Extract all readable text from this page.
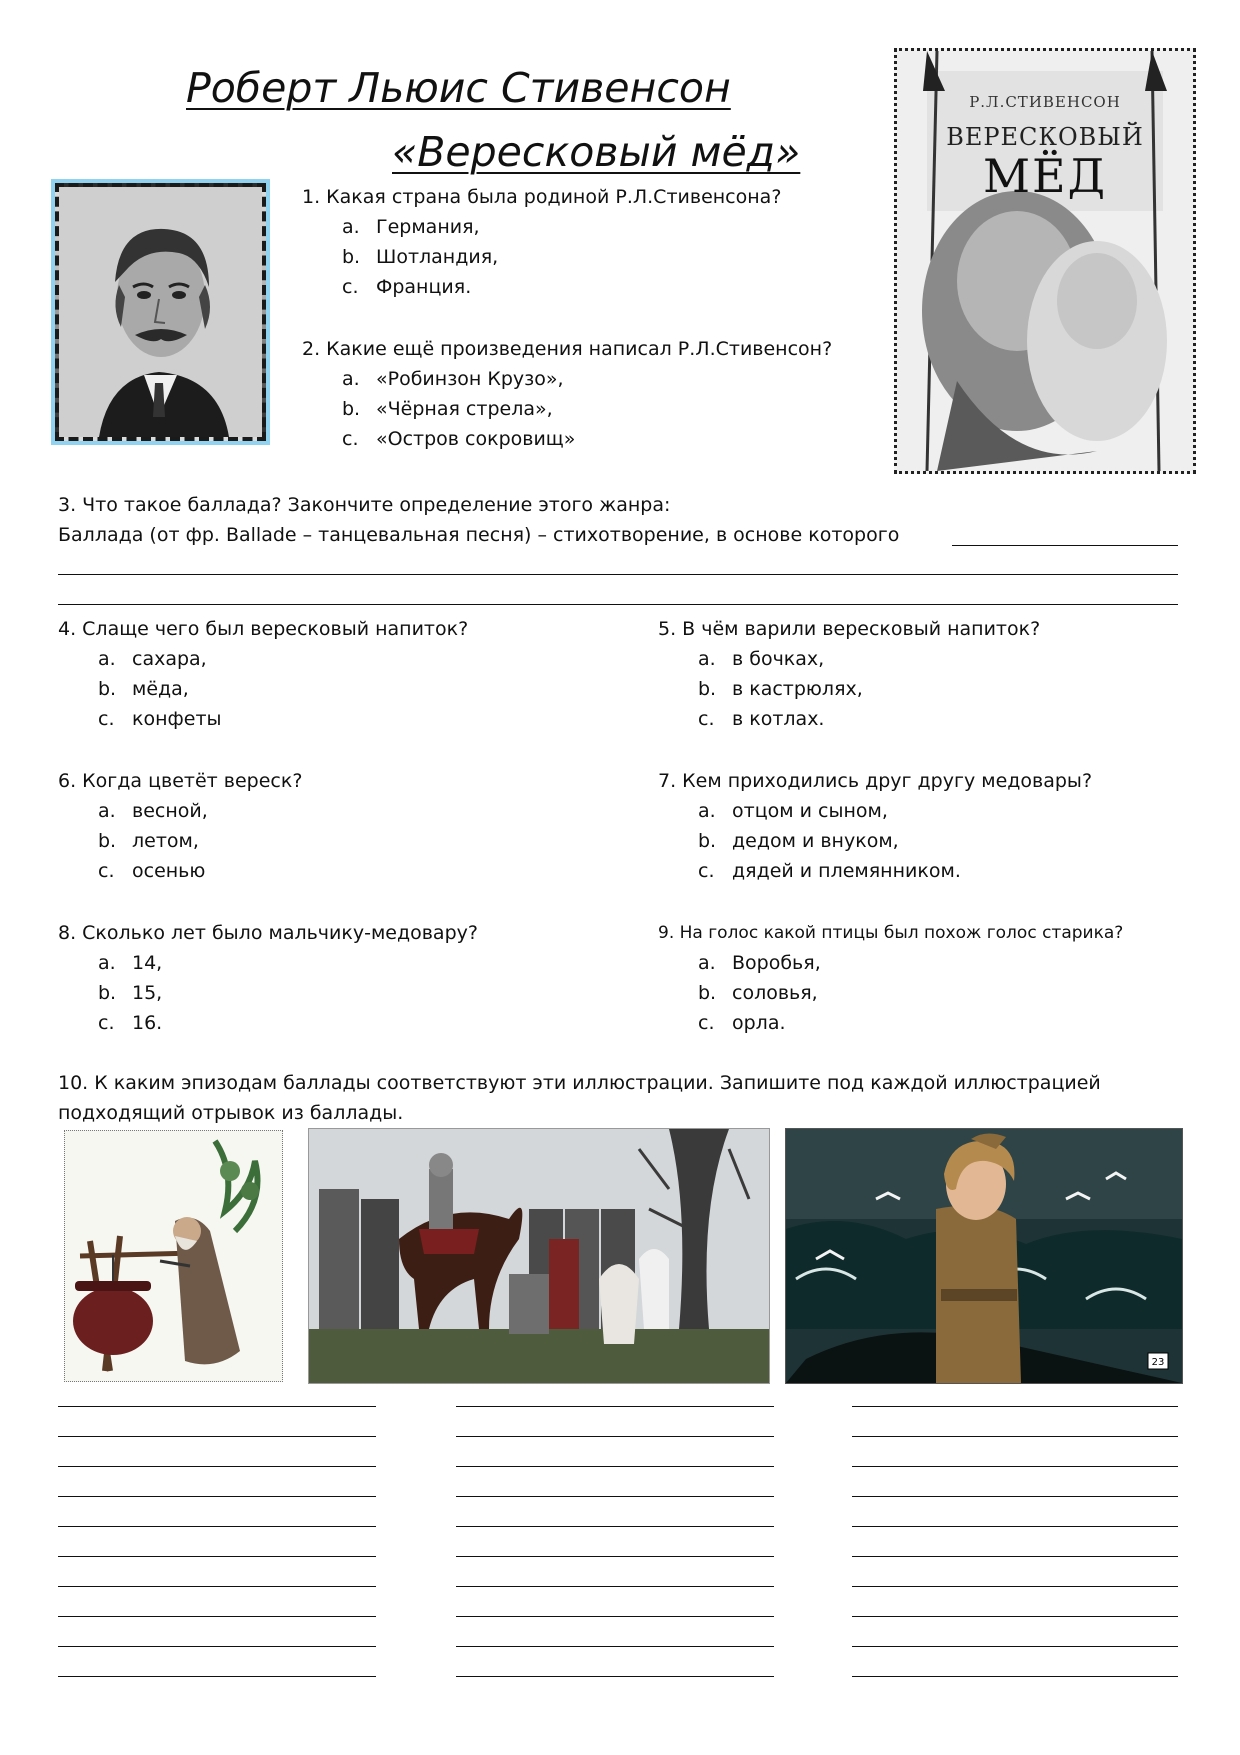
Роберт Льюис Стивенсон
«Вересковый мёд»
Р.Л.СТИВЕНСОН
ВЕРЕСКОВЫЙ
МЁД
1. Какая страна была родиной Р.Л.Стивенсона?
a. Германия,
b. Шотландия,
c. Франция.
2. Какие ещё произведения написал Р.Л.Стивенсон?
a. «Робинзон Крузо»,
b. «Чёрная стрела»,
c. «Остров сокровищ»
3. Что такое баллада? Закончите определение этого жанра:
Баллада (от фр. Ballade – танцевальная песня) – стихотворение, в основе которого
4. Слаще чего был вересковый напиток?
a. сахара,
b. мёда,
c. конфеты
5. В чём варили вересковый напиток?
a. в бочках,
b. в кастрюлях,
c. в котлах.
6. Когда цветёт вереск?
a. весной,
b. летом,
c. осенью
7. Кем приходились друг другу медовары?
a. отцом и сыном,
b. дедом и внуком,
c. дядей и племянником.
8. Сколько лет было мальчику-медовару?
a. 14,
b. 15,
c. 16.
9. На голос какой птицы был похож голос старика?
a. Воробья,
b. соловья,
c. орла.
10. К каким эпизодам баллады соответствуют эти иллюстрации. Запишите под каждой иллюстрацией
подходящий отрывок из баллады.
23
